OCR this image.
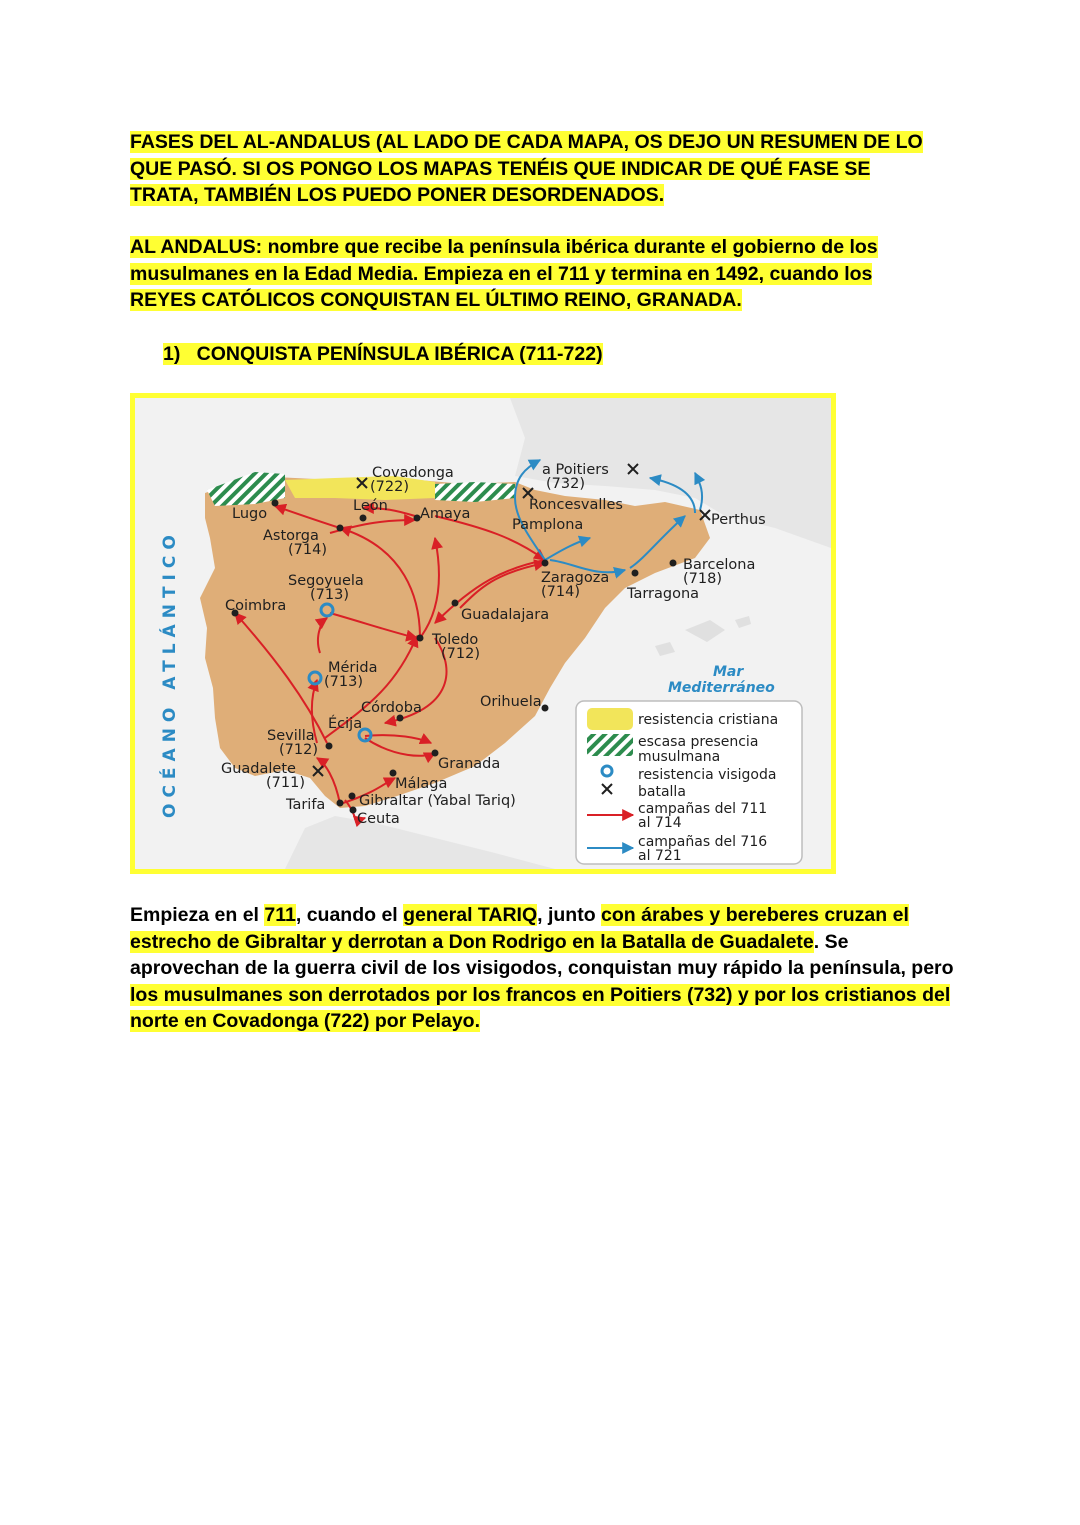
FASES DEL AL-ANDALUS (AL LADO DE CADA MAPA, OS DEJO UN RESUMEN DE LO
QUE PASÓ. SI OS PONGO LOS MAPAS TENÉIS QUE INDICAR DE QUÉ FASE SE
TRATA, TAMBIÉN LOS PUEDO PONER DESORDENADOS.

AL ANDALUS: nombre que recibe la península ibérica durante el gobierno de los
musulmanes en la Edad Media. Empieza en el 711 y termina en 1492, cuando los
REYES CATÓLICOS CONQUISTAN EL ÚLTIMO REINO, GRANADA.

1) CONQUISTA PENÍNSULA IBÉRICA (711-722)

OCÉANO ATLÁNTICO	Mar
Mediterráneo
Covadonga
(722)
a Poitiers
(732)
Roncesvalles
Pamplona	Perthus
León Amaya
Lugo
Astorga
(714)
Barcelona
(718)
Segoyuela
(713)
Zaragoza
(714)	Tarragona
Coimbra
Guadalajara
Toledo
(712)
Mérida
(713)
Córdoba	Orihuela
Écija
Sevilla
(712)
Granada
Guadalete
(711)	Málaga
Tarifa Gibraltar (Yabal Tariq)
Ceuta
resistencia cristiana
escasa presencia
musulmana
resistencia visigoda
batalla
campañas del 711
al 714
campañas del 716
al 721

Empieza en el 711, cuando el general TARIQ, junto con árabes y bereberes cruzan el estrecho de Gibraltar y derrotan a Don Rodrigo en la Batalla de Guadalete. Se aprovechan de la guerra civil de los visigodos, conquistan muy rápido la península, pero los musulmanes son derrotados por los francos en Poitiers (732) y por los cristianos del norte en Covadonga (722) por Pelayo.
